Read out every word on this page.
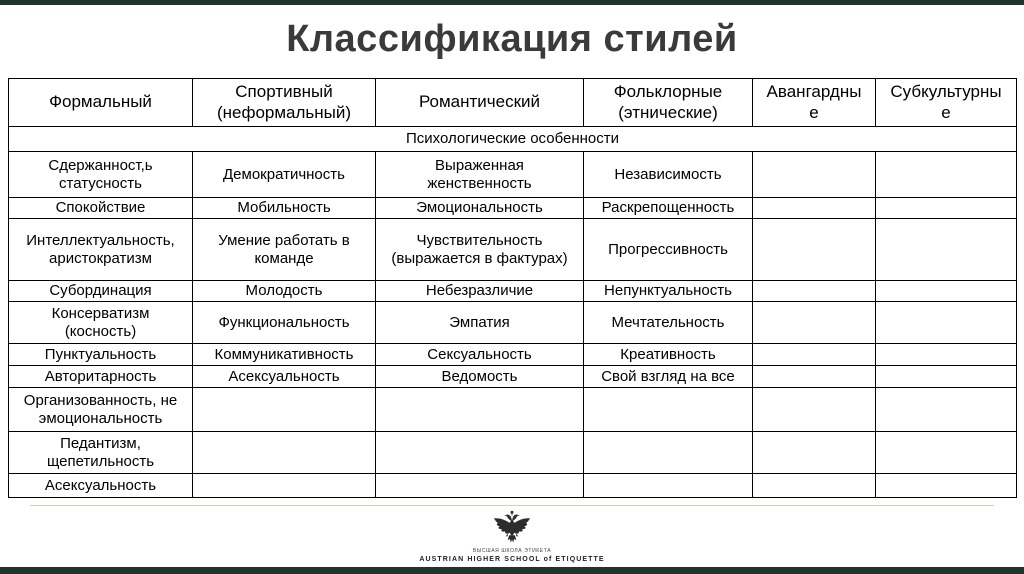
Классификация стилей
Формальный	Спортивный (неформальный)	Романтический	Фольклорные (этнические)	Авангардные	Субкультурные
Психологические особенности					
Сдержанност,ь статусность	Демократичность	Выраженная женственность	Независимость		
Спокойствие	Мобильность	Эмоциональность	Раскрепощенность		
Интеллектуальность, аристократизм	Умение работать в команде	Чувствительность (выражается в фактурах)	Прогрессивность		
Субординация	Молодость	Небезразличие	Непунктуальность		
Консерватизм (косность)	Функциональность	Эмпатия	Мечтательность		
Пунктуальность	Коммуникативность	Сексуальность	Креативность		
Авторитарность	Асексуальность	Ведомость	Свой взгляд на все		
Организованность, не эмоциональность					
Педантизм, щепетильность					
Асексуальность					
ВЫСШАЯ ШКОЛА ЭТИКЕТА
AUSTRIAN HIGHER SCHOOL of ETIQUETTE
